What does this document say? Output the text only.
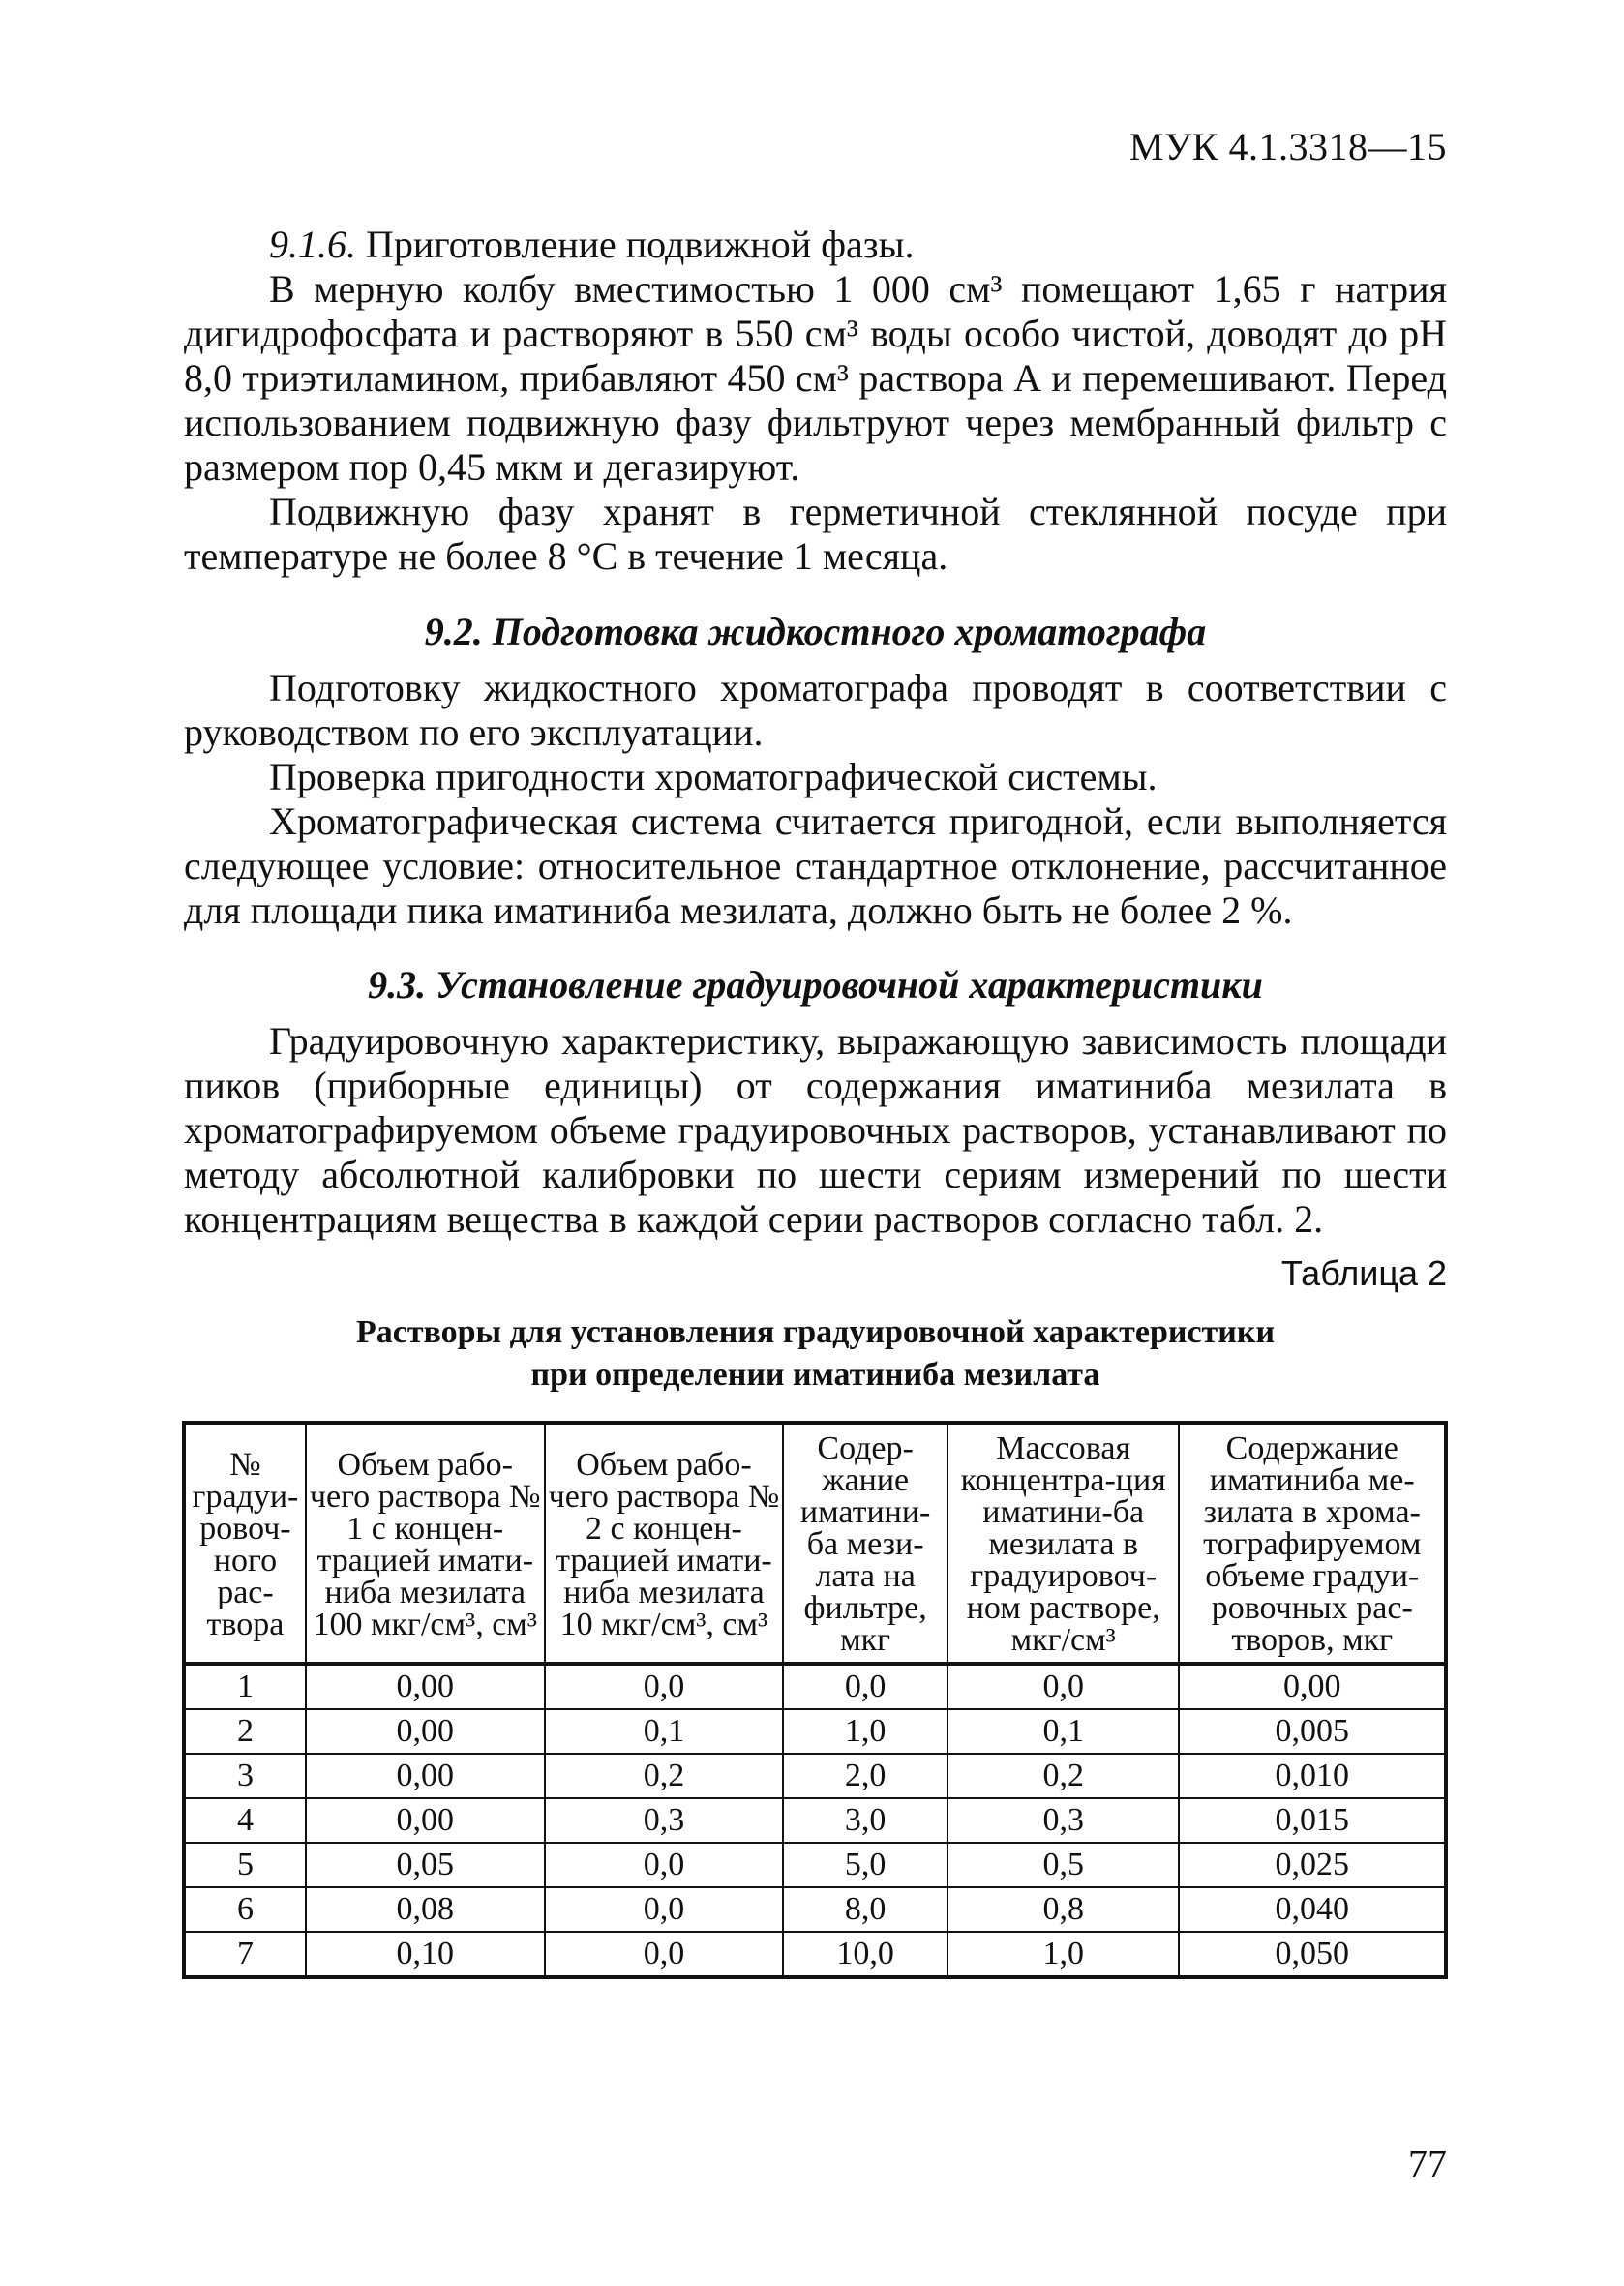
МУК 4.1.3318—15

9.1.6. Приготовление подвижной фазы.

В мерную колбу вместимостью 1 000 см³ помещают 1,65 г натрия дигидрофосфата и растворяют в 550 см³ воды особо чистой, доводят до рН 8,0 триэтиламином, прибавляют 450 см³ раствора А и перемешивают. Перед использованием подвижную фазу фильтруют через мембранный фильтр с размером пор 0,45 мкм и дегазируют.

Подвижную фазу хранят в герметичной стеклянной посуде при температуре не более 8 °С в течение 1 месяца.

9.2. Подготовка жидкостного хроматографа

Подготовку жидкостного хроматографа проводят в соответствии с руководством по его эксплуатации.

Проверка пригодности хроматографической системы.

Хроматографическая система считается пригодной, если выполняется следующее условие: относительное стандартное отклонение, рассчитанное для площади пика иматиниба мезилата, должно быть не более 2 %.

9.3. Установление градуировочной характеристики

Градуировочную характеристику, выражающую зависимость площади пиков (приборные единицы) от содержания иматиниба мезилата в хроматографируемом объеме градуировочных растворов, устанавливают по методу абсолютной калибровки по шести сериям измерений по шести концентрациям вещества в каждой серии растворов согласно табл. 2.

Таблица 2
Растворы для установления градуировочной характеристики
при определении иматиниба мезилата
№ градуи-ровоч-ного рас-твора	Объем рабо-чего раствора № 1 с концен-трацией имати-ниба мезилата 100 мкг/см³, см³	Объем рабо-чего раствора № 2 с концен-трацией имати-ниба мезилата 10 мкг/см³, см³	Содер-жание иматини-ба мези-лата на фильтре, мкг	Массовая концентра-ция иматини-ба мезилата в градуировоч-ном растворе, мкг/см³	Содержание иматиниба ме-зилата в хрома-тографируемом объеме градуи-ровочных рас-творов, мкг
1	0,00	0,0	0,0	0,0	0,00
2	0,00	0,1	1,0	0,1	0,005
3	0,00	0,2	2,0	0,2	0,010
4	0,00	0,3	3,0	0,3	0,015
5	0,05	0,0	5,0	0,5	0,025
6	0,08	0,0	8,0	0,8	0,040
7	0,10	0,0	10,0	1,0	0,050
77
